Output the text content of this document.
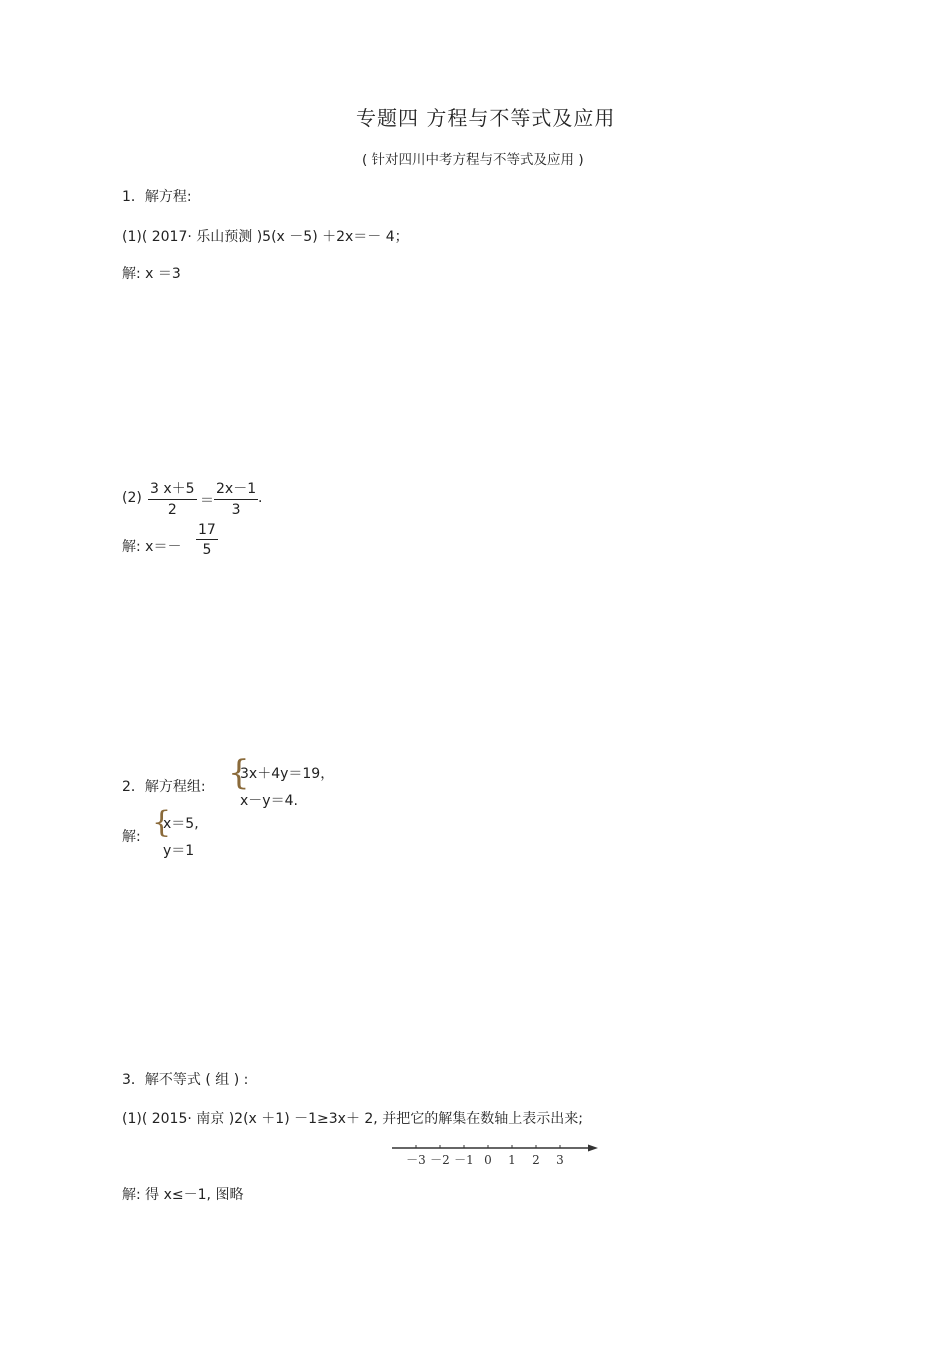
专题四 方程与不等式及应用
( 针对四川中考方程与不等式及应用 )
1．解方程:
(1)( 2017· 乐山预测 )5(x －5) ＋2x＝－ 4；
解: x ＝3
(2)
3 x＋5
2
＝
2x－1
3
.
解: x＝－
17
5
2．解方程组: {
3x＋4y＝19，
x－y＝4.
解: {
x＝5,
y＝1
3．解不等式 ( 组 ) :
(1)( 2015· 南京 )2(x ＋1) －1≥3x＋ 2, 并把它的解集在数轴上表示出来;
－3 －2 －1 0 1 2 3
解: 得 x≤－1, 图略
